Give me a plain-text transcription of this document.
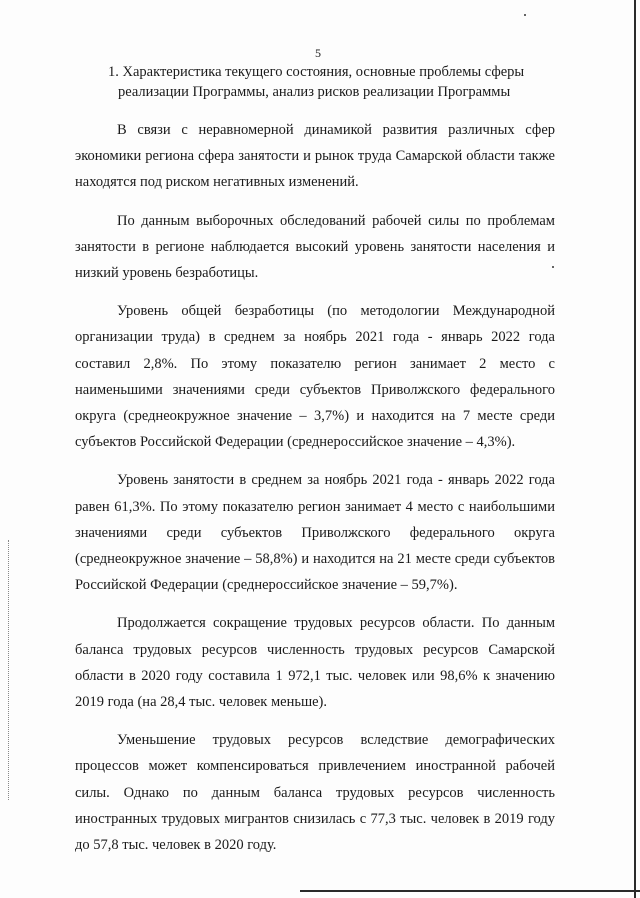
5
1. Характеристика текущего состояния, основные проблемы сферы
реализации Программы, анализ рисков реализации Программы

В связи с неравномерной динамикой развития различных сфер экономики региона сфера занятости и рынок труда Самарской области также находятся под риском негативных изменений.

По данным выборочных обследований рабочей силы по проблемам занятости в регионе наблюдается высокий уровень занятости населения и низкий уровень безработицы.

Уровень общей безработицы (по методологии Международной организации труда) в среднем за ноябрь 2021 года - январь 2022 года составил 2,8%. По этому показателю регион занимает 2 место с наименьшими значениями среди субъектов Приволжского федерального округа (среднеокружное значение – 3,7%) и находится на 7 месте среди субъектов Российской Федерации (среднероссийское значение – 4,3%).

Уровень занятости в среднем за ноябрь 2021 года - январь 2022 года равен 61,3%. По этому показателю регион занимает 4 место с наибольшими значениями среди субъектов Приволжского федерального округа (среднеокружное значение – 58,8%) и находится на 21 месте среди субъектов Российской Федерации (среднероссийское значение – 59,7%).

Продолжается сокращение трудовых ресурсов области. По данным баланса трудовых ресурсов численность трудовых ресурсов Самарской области в 2020 году составила 1 972,1 тыс. человек или 98,6% к значению 2019 года (на 28,4 тыс. человек меньше).

Уменьшение трудовых ресурсов вследствие демографических процессов может компенсироваться привлечением иностранной рабочей силы. Однако по данным баланса трудовых ресурсов численность иностранных трудовых мигрантов снизилась с 77,3 тыс. человек в 2019 году до 57,8 тыс. человек в 2020 году.
